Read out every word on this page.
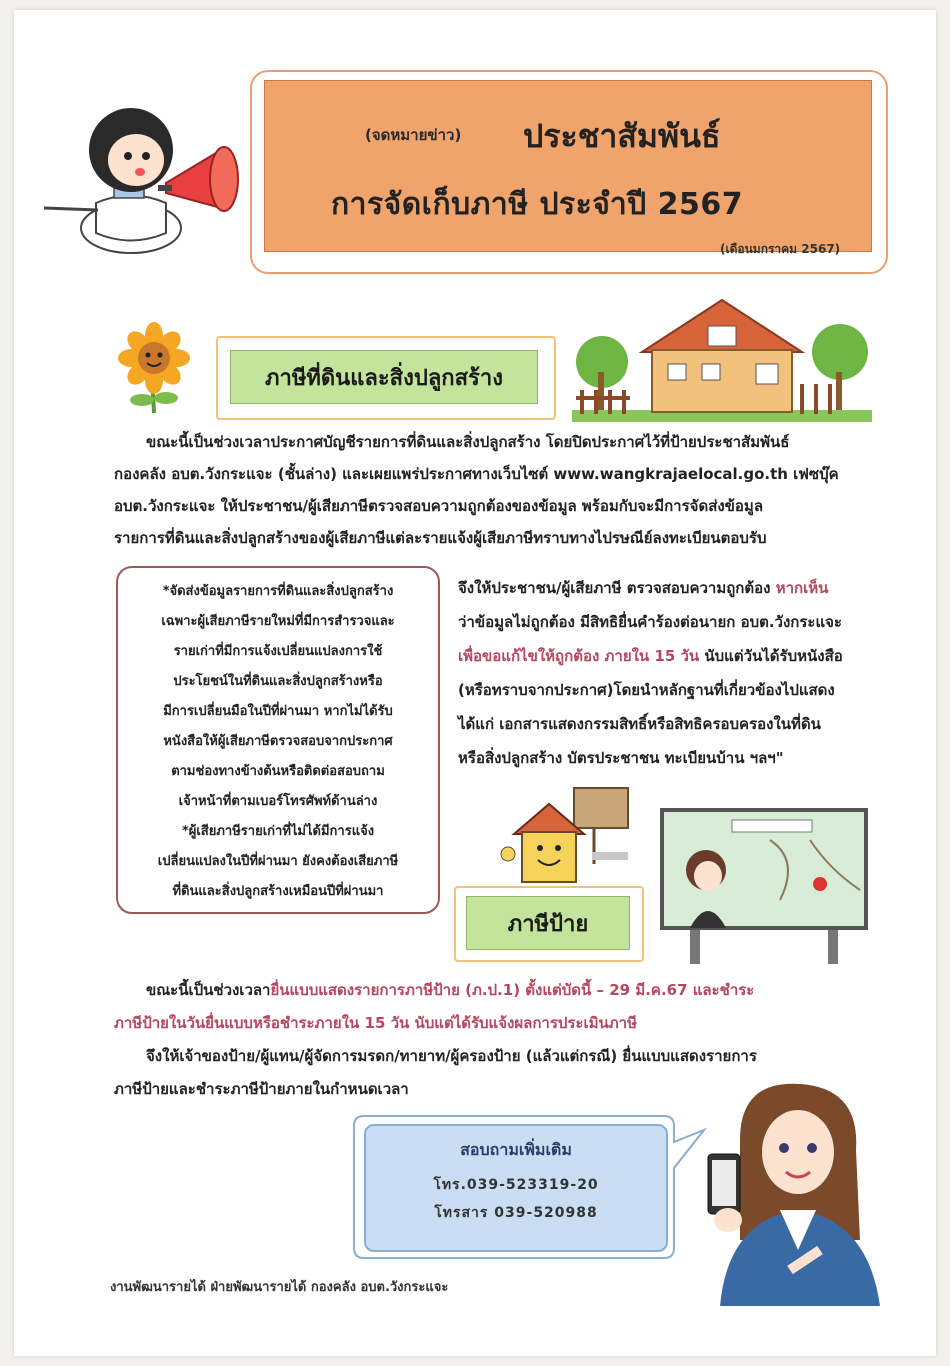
(จดหมายข่าว) ประชาสัมพันธ์
การจัดเก็บภาษี ประจำปี 2567
(เดือนมกราคม 2567)
ภาษีที่ดินและสิ่งปลูกสร้าง

ขณะนี้เป็นช่วงเวลาประกาศบัญชีรายการที่ดินและสิ่งปลูกสร้าง โดยปิดประกาศไว้ที่ป้ายประชาสัมพันธ์

กองคลัง อบต.วังกระแจะ (ชั้นล่าง) และเผยแพร่ประกาศทางเว็บไซต์ www.wangkrajaelocal.go.th เฟซบุ๊ค

อบต.วังกระแจะ ให้ประชาชน/ผู้เสียภาษีตรวจสอบความถูกต้องของข้อมูล พร้อมกับจะมีการจัดส่งข้อมูล

รายการที่ดินและสิ่งปลูกสร้างของผู้เสียภาษีแต่ละรายแจ้งผู้เสียภาษีทราบทางไปรษณีย์ลงทะเบียนตอบรับ

*จัดส่งข้อมูลรายการที่ดินและสิ่งปลูกสร้าง
เฉพาะผู้เสียภาษีรายใหม่ที่มีการสำรวจและ
รายเก่าที่มีการแจ้งเปลี่ยนแปลงการใช้
ประโยชน์ในที่ดินและสิ่งปลูกสร้างหรือ
มีการเปลี่ยนมือในปีที่ผ่านมา หากไม่ได้รับ
หนังสือให้ผู้เสียภาษีตรวจสอบจากประกาศ
ตามช่องทางข้างต้นหรือติดต่อสอบถาม
เจ้าหน้าที่ตามเบอร์โทรศัพท์ด้านล่าง
*ผู้เสียภาษีรายเก่าที่ไม่ได้มีการแจ้ง
เปลี่ยนแปลงในปีที่ผ่านมา ยังคงต้องเสียภาษี
ที่ดินและสิ่งปลูกสร้างเหมือนปีที่ผ่านมา
จึงให้ประชาชน/ผู้เสียภาษี ตรวจสอบความถูกต้อง หากเห็น
ว่าข้อมูลไม่ถูกต้อง มีสิทธิยื่นคำร้องต่อนายก อบต.วังกระแจะ
เพื่อขอแก้ไขให้ถูกต้อง ภายใน 15 วัน นับแต่วันได้รับหนังสือ
(หรือทราบจากประกาศ)โดยนำหลักฐานที่เกี่ยวข้องไปแสดง
ได้แก่ เอกสารแสดงกรรมสิทธิ์หรือสิทธิครอบครองในที่ดิน
หรือสิ่งปลูกสร้าง บัตรประชาชน ทะเบียนบ้าน ฯลฯ"
ภาษีป้าย

ขณะนี้เป็นช่วงเวลายื่นแบบแสดงรายการภาษีป้าย (ภ.ป.1) ตั้งแต่บัดนี้ – 29 มี.ค.67 และชำระ

ภาษีป้ายในวันยื่นแบบหรือชำระภายใน 15 วัน นับแต่ได้รับแจ้งผลการประเมินภาษี

จึงให้เจ้าของป้าย/ผู้แทน/ผู้จัดการมรดก/ทายาท/ผู้ครองป้าย (แล้วแต่กรณี) ยื่นแบบแสดงรายการ

ภาษีป้ายและชำระภาษีป้ายภายในกำหนดเวลา

สอบถามเพิ่มเติม
โทร.039-523319-20
โทรสาร 039-520988
งานพัฒนารายได้ ฝ่ายพัฒนารายได้ กองคลัง อบต.วังกระแจะ
